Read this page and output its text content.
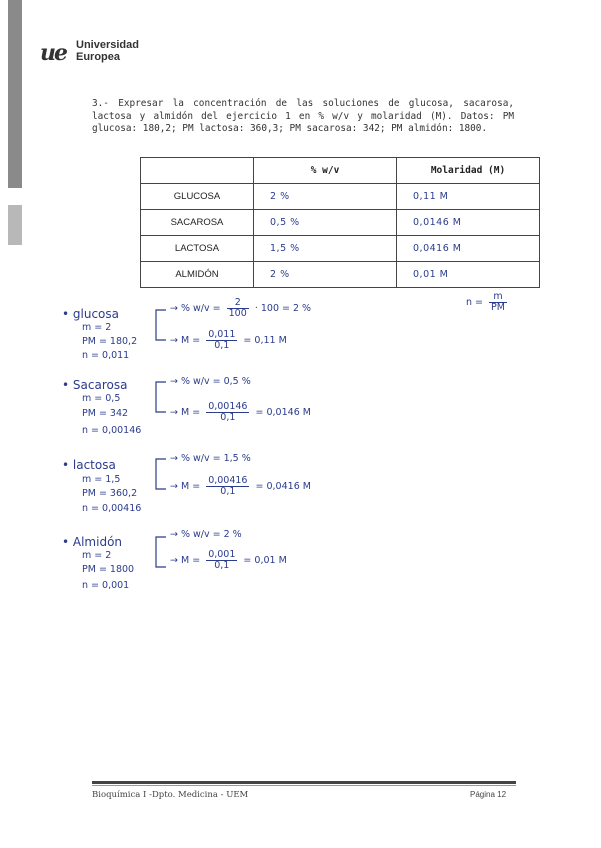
ue Universidad
Europea
3.- Expresar la concentración de las soluciones de glucosa, sacarosa, lactosa y almidón del ejercicio 1 en % w/v y molaridad (M). Datos: PM glucosa: 180,2; PM lactosa: 360,3; PM sacarosa: 342; PM almidón: 1800.
	% w/v	Molaridad (M)
GLUCOSA	2 %	0,11 M
SACAROSA	0,5 %	0,0146 M
LACTOSA	1,5 %	0,0416 M
ALMIDÓN	2 %	0,01 M
$n = \frac{m}{PM}$
• glucosa
m = 2
PM = 180,2
n = 0,011
→ % $w/v = \frac{2}{100} \cdot 100 = 2$ %
→ $M = \frac{0,011}{0,1} = 0,11$ M
• Sacarosa
m = 0,5
PM = 342
n = 0,00146
→ % w/v = 0,5 %
→ $M = \frac{0,00146}{0,1} = 0,0146$ M
• lactosa
m = 1,5
PM = 360,2
n = 0,00416
→ % w/v = 1,5 %
→ $M = \frac{0,00416}{0,1} = 0,0416$ M
• Almidón
m = 2
PM = 1800
n = 0,001
→ % w/v = 2 %
→ $M = \frac{0,001}{0,1} = 0,01$ M
Bioquímica I -Dpto. Medicina - UEM	Página 12
